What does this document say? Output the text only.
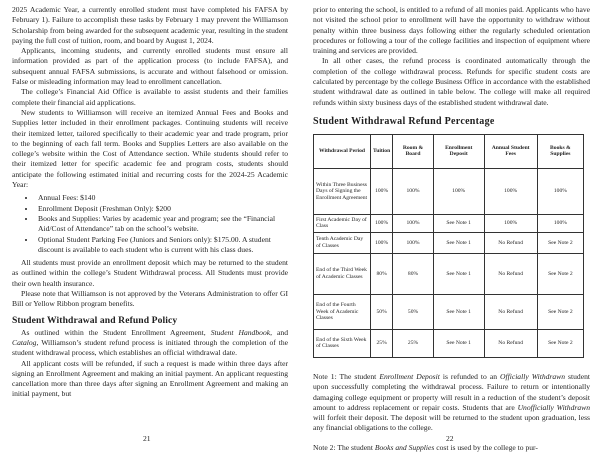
2025 Academic Year, a currently enrolled student must have completed his FAFSA by February 1). Failure to accomplish these tasks by February 1 may prevent the Williamson Scholarship from being awarded for the subsequent academic year, resulting in the student paying the full cost of tuition, room, and board by August 1, 2024.

Applicants, incoming students, and currently enrolled students must ensure all information provided as part of the application process (to include FAFSA), and subsequent annual FAFSA submissions, is accurate and without falsehood or omission. False or misleading information may lead to enrollment cancellation.

The college’s Financial Aid Office is available to assist students and their families complete their financial aid applications.

New students to Williamson will receive an itemized Annual Fees and Books and Supplies letter included in their enrollment packages. Continuing students will receive their itemized letter, tailored specifically to their academic year and trade program, prior to the beginning of each fall term. Books and Supplies Letters are also available on the college’s website within the Cost of Attendance section. While students should refer to their itemized letter for specific academic fee and program costs, students should anticipate the following estimated initial and recurring costs for the 2024-25 Academic Year:

• Annual Fees: $140
• Enrollment Deposit (Freshman Only): $200
• Books and Supplies: Varies by academic year and program; see the “Financial Aid/Cost of Attendance” tab on the school’s website.
• Optional Student Parking Fee (Juniors and Seniors only): $175.00. A student discount is available to each student who is current with his class dues.

All students must provide an enrollment deposit which may be returned to the student as outlined within the college’s Student Withdrawal process. All Students must provide their own health insurance.

Please note that Williamson is not approved by the Veterans Administration to offer GI Bill or Yellow Ribbon program benefits.

Student Withdrawal and Refund Policy

As outlined within the Student Enrollment Agreement, Student Handbook, and Catalog, Williamson’s student refund process is initiated through the completion of the student withdrawal process, which establishes an official withdrawal date.

All applicant costs will be refunded, if such a request is made within three days after signing an Enrollment Agreement and making an initial payment. An applicant requesting cancellation more than three days after signing an Enrollment Agreement and making an initial payment, but

21

prior to entering the school, is entitled to a refund of all monies paid. Applicants who have not visited the school prior to enrollment will have the opportunity to withdraw without penalty within three business days following either the regularly scheduled orientation procedures or following a tour of the college facilities and inspection of equipment where training and services are provided.

In all other cases, the refund process is coordinated automatically through the completion of the college withdrawal process. Refunds for specific student costs are calculated by percentage by the college Business Office in accordance with the established student withdrawal date as outlined in table below. The college will make all required refunds within sixty business days of the established student withdrawal date.

Student Withdrawal Refund Percentage
Withdrawal Period	Tuition	Room & Board	Enrollment Deposit	Annual Student Fees	Books & Supplies
Within Three Business Days of Signing the Enrollment Agreement	100%	100%	100%	100%	100%
First Academic Day of Class	100%	100%	See Note 1	100%	100%
Tenth Academic Day of Classes	100%	100%	See Note 1	No Refund	See Note 2
End of the Third Week of Academic Classes	80%	80%	See Note 1	No Refund	See Note 2
End of the Fourth Week of Academic Classes	50%	50%	See Note 1	No Refund	See Note 2
End of the Sixth Week of Classes	25%	25%	See Note 1	No Refund	See Note 2

Note 1: The student Enrollment Deposit is refunded to an Officially Withdrawn student upon successfully completing the withdrawal process. Failure to return or intentionally damaging college equipment or property will result in a reduction of the student’s deposit amount to address replacement or repair costs. Students that are Unofficially Withdrawn will forfeit their deposit. The deposit will be returned to the student upon graduation, less any financial obligations to the college.

Note 2: The student Books and Supplies cost is used by the college to pur-

22
